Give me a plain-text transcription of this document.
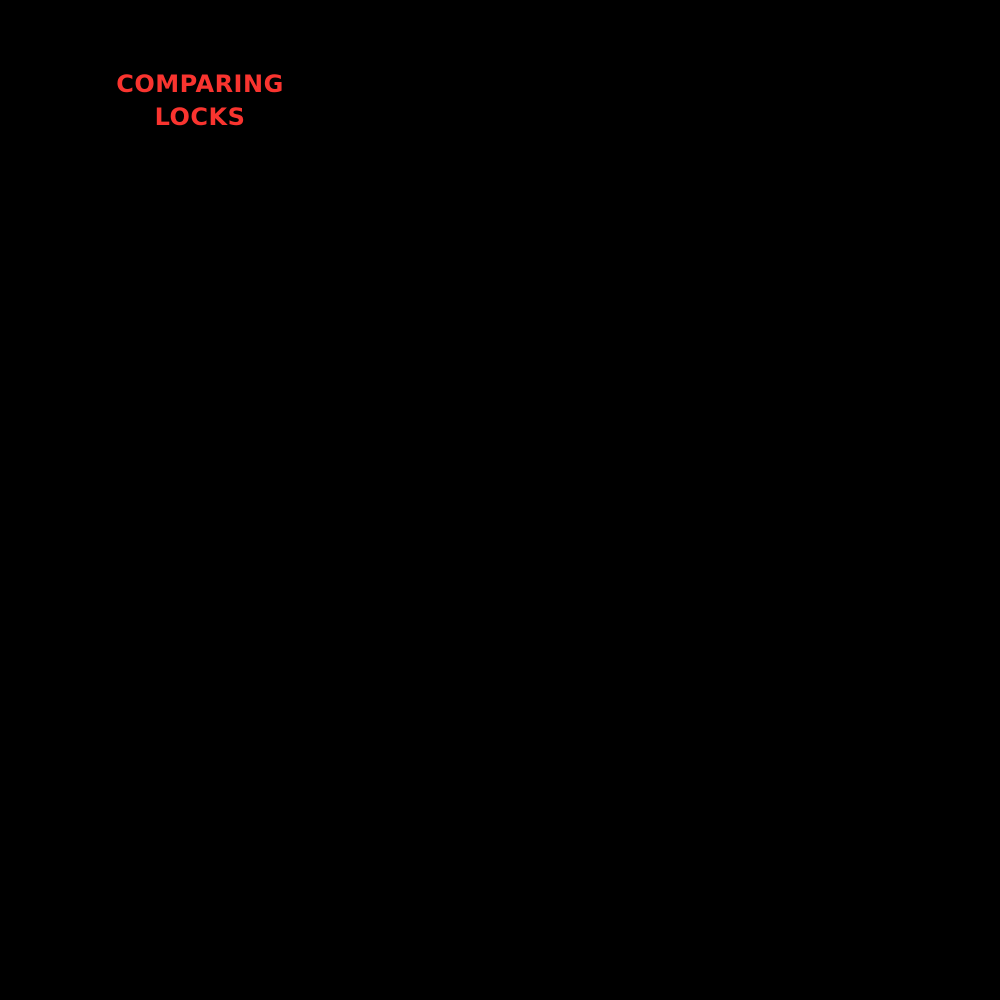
COMPARING
LOCKS
